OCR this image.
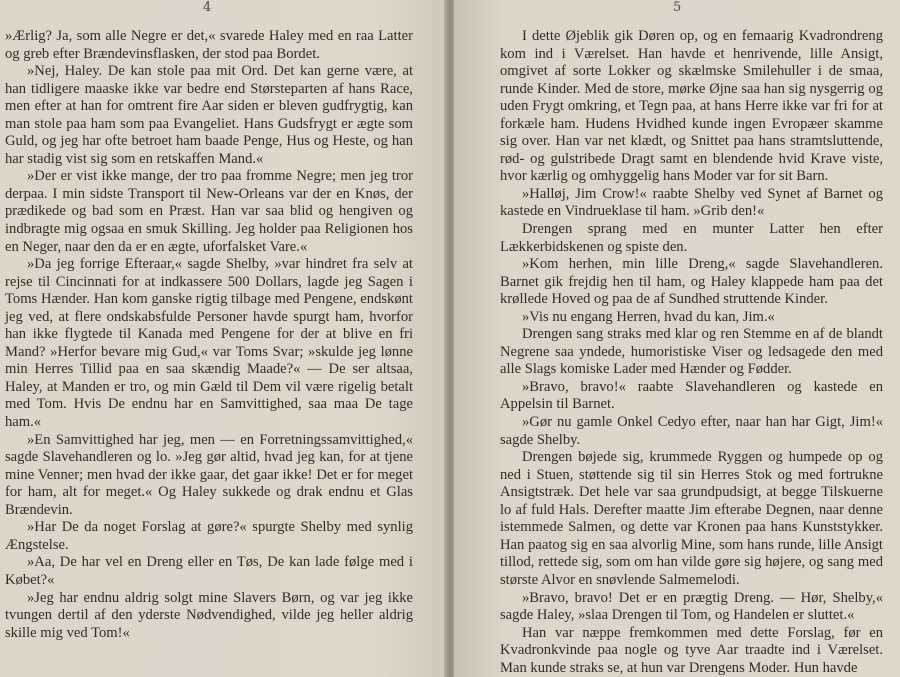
4

»Ærlig? Ja, som alle Negre er det,« svarede Haley med en raa Latter og greb efter Brændevinsflasken, der stod paa Bordet.

»Nej, Haley. De kan stole paa mit Ord. Det kan gerne være, at han tidligere maaske ikke var bedre end Størsteparten af hans Race, men efter at han for omtrent fire Aar siden er bleven gudfrygtig, kan man stole paa ham som paa Evangeliet. Hans Gudsfrygt er ægte som Guld, og jeg har ofte betroet ham baade Penge, Hus og Heste, og han har stadig vist sig som en retskaffen Mand.«

»Der er vist ikke mange, der tro paa fromme Negre; men jeg tror derpaa. I min sidste Transport til New-Orleans var der en Knøs, der prædikede og bad som en Præst. Han var saa blid og hengiven og indbragte mig ogsaa en smuk Skilling. Jeg holder paa Religionen hos en Neger, naar den da er en ægte, uforfalsket Vare.«

»Da jeg forrige Efteraar,« sagde Shelby, »var hindret fra selv at rejse til Cincinnati for at indkassere 500 Dollars, lagde jeg Sagen i Toms Hænder. Han kom ganske rigtig tilbage med Pengene, endskønt jeg ved, at flere ondskabsfulde Personer havde spurgt ham, hvorfor han ikke flygtede til Kanada med Pengene for der at blive en fri Mand? »Herfor bevare mig Gud,« var Toms Svar; »skulde jeg lønne min Herres Tillid paa en saa skændig Maade?« — De ser altsaa, Haley, at Manden er tro, og min Gæld til Dem vil være rigelig betalt med Tom. Hvis De endnu har en Samvittighed, saa maa De tage ham.«

»En Samvittighed har jeg, men — en Forretningssamvittighed,« sagde Slavehandleren og lo. »Jeg gør altid, hvad jeg kan, for at tjene mine Venner; men hvad der ikke gaar, det gaar ikke! Det er for meget for ham, alt for meget.« Og Haley sukkede og drak endnu et Glas Brændevin.

»Har De da noget Forslag at gøre?« spurgte Shelby med synlig Ængstelse.

»Aa, De har vel en Dreng eller en Tøs, De kan lade følge med i Købet?«

»Jeg har endnu aldrig solgt mine Slavers Børn, og var jeg ikke tvungen dertil af den yderste Nødvendighed, vilde jeg heller aldrig skille mig ved Tom!«

5

I dette Øjeblik gik Døren op, og en femaarig Kvadrondreng kom ind i Værelset. Han havde et henrivende, lille Ansigt, omgivet af sorte Lokker og skælmske Smilehuller i de smaa, runde Kinder. Med de store, mørke Øjne saa han sig nysgerrig og uden Frygt omkring, et Tegn paa, at hans Herre ikke var fri for at forkæle ham. Hudens Hvidhed kunde ingen Evropæer skamme sig over. Han var net klædt, og Snittet paa hans stramtsluttende, rød- og gulstribede Dragt samt en blendende hvid Krave viste, hvor kærlig og omhyggelig hans Moder var for sit Barn.

»Halløj, Jim Crow!« raabte Shelby ved Synet af Barnet og kastede en Vindrueklase til ham. »Grib den!«

Drengen sprang med en munter Latter hen efter Lækkerbidskenen og spiste den.

»Kom herhen, min lille Dreng,« sagde Slavehandleren. Barnet gik frejdig hen til ham, og Haley klappede ham paa det krøllede Hoved og paa de af Sundhed struttende Kinder.

»Vis nu engang Herren, hvad du kan, Jim.«

Drengen sang straks med klar og ren Stemme en af de blandt Negrene saa yndede, humoristiske Viser og ledsagede den med alle Slags komiske Lader med Hænder og Fødder.

»Bravo, bravo!« raabte Slavehandleren og kastede en Appelsin til Barnet.

»Gør nu gamle Onkel Cedyo efter, naar han har Gigt, Jim!« sagde Shelby.

Drengen bøjede sig, krummede Ryggen og humpede op og ned i Stuen, støttende sig til sin Herres Stok og med fortrukne Ansigtstræk. Det hele var saa grundpudsigt, at begge Tilskuerne lo af fuld Hals. Derefter maatte Jim efterabe Degnen, naar denne istemmede Salmen, og dette var Kronen paa hans Kunststykker. Han paatog sig en saa alvorlig Mine, som hans runde, lille Ansigt tillod, rettede sig, som om han vilde gøre sig højere, og sang med største Alvor en snøvlende Salmemelodi.

»Bravo, bravo! Det er en prægtig Dreng. — Hør, Shelby,« sagde Haley, »slaa Drengen til Tom, og Handelen er sluttet.«

Han var næppe fremkommen med dette Forslag, før en Kvadronkvinde paa nogle og tyve Aar traadte ind i Værelset. Man kunde straks se, at hun var Drengens Moder. Hun havde
